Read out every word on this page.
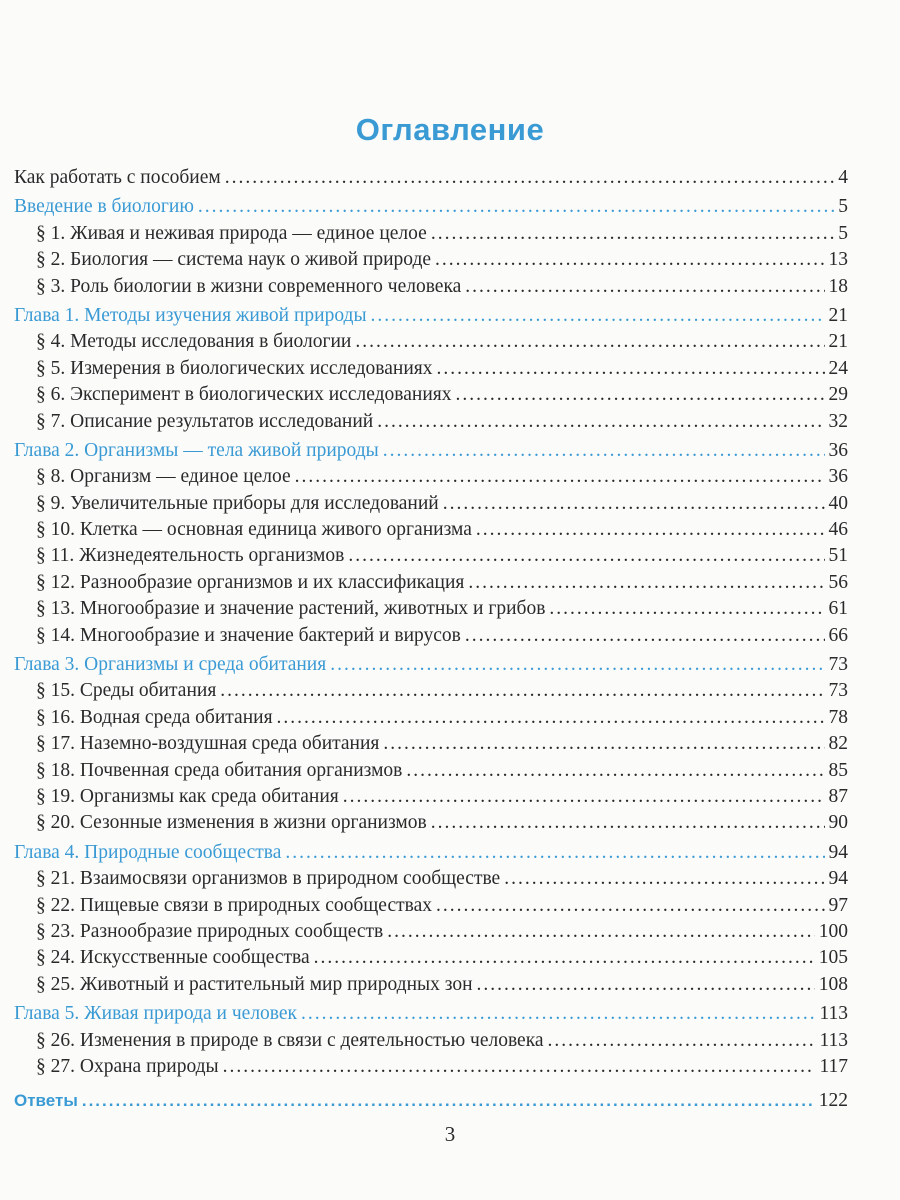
Оглавление
Как работать с пособием .....	4
Введение в биологию .....	5
§ 1. Живая и неживая природа — единое целое .....	5
§ 2. Биология — система наук о живой природе .....	13
§ 3. Роль биологии в жизни современного человека .....	18
Глава 1. Методы изучения живой природы .....	21
§ 4. Методы исследования в биологии .....	21
§ 5. Измерения в биологических исследованиях .....	24
§ 6. Эксперимент в биологических исследованиях .....	29
§ 7. Описание результатов исследований .....	32
Глава 2. Организмы — тела живой природы .....	36
§ 8. Организм — единое целое .....	36
§ 9. Увеличительные приборы для исследований .....	40
§ 10. Клетка — основная единица живого организма .....	46
§ 11. Жизнедеятельность организмов .....	51
§ 12. Разнообразие организмов и их классификация .....	56
§ 13. Многообразие и значение растений, животных и грибов .....	61
§ 14. Многообразие и значение бактерий и вирусов .....	66
Глава 3. Организмы и среда обитания .....	73
§ 15. Среды обитания .....	73
§ 16. Водная среда обитания .....	78
§ 17. Наземно-воздушная среда обитания .....	82
§ 18. Почвенная среда обитания организмов .....	85
§ 19. Организмы как среда обитания .....	87
§ 20. Сезонные изменения в жизни организмов .....	90
Глава 4. Природные сообщества .....	94
§ 21. Взаимосвязи организмов в природном сообществе .....	94
§ 22. Пищевые связи в природных сообществах .....	97
§ 23. Разнообразие природных сообществ .....	100
§ 24. Искусственные сообщества .....	105
§ 25. Животный и растительный мир природных зон .....	108
Глава 5. Живая природа и человек .....	113
§ 26. Изменения в природе в связи с деятельностью человека .....	113
§ 27. Охрана природы .....	117
Ответы .....	122
3
